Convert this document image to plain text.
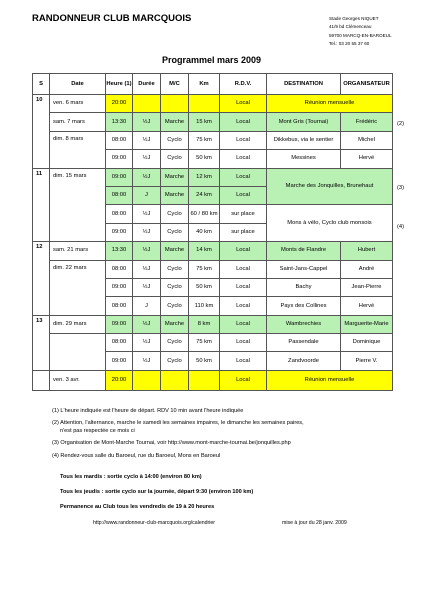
RANDONNEUR CLUB MARCQUOIS	Stade Georges NIQUET
41/9 bd Clémenceau
59700 MARCQ-EN-BAROEUL
Tel.: 03 20 55 37 60
Programmel mars 2009
S	Date	Heure (1)	Durée	M/C	Km	R.D.V.	DESTINATION	ORGANISATEUR
10	ven. 6 mars	20:00				Local	Réunion mensuelle	
	sam. 7 mars	13:30	½J	Marche	15 km	Local	Mont Gris (Tournai)	Frédéric
	dim. 8 mars	08:00	½J	Cyclo	75 km	Local	Dikkebus, via le sentier	Michel
		09:00	½J	Cyclo	50 km	Local	Messines	Hervé
11	dim. 15 mars	09:00	½J	Marche	12 km	Local	Marche des Jonquilles, Brunehaut	
		08:00	J	Marche	24 km	Local		
		08:00	½J	Cyclo	60 / 80 km	sur place	Mons à vélo, Cyclo club monsois	
		09:00	½J	Cyclo	40 km	sur place		
12	sam. 21 mars	13:30	½J	Marche	14 km	Local	Monts de Flandre	Hubert
	dim. 22 mars	08:00	½J	Cyclo	75 km	Local	Saint-Jans-Cappel	André
		09:00	½J	Cyclo	50 km	Local	Bachy	Jean-Pierre
		08:00	J	Cyclo	110 km	Local	Pays des Collines	Hervé
13	dim. 29 mars	09:00	½J	Marche	8 km	Local	Wambrechies	Marguerite-Marie
		08:00	½J	Cyclo	75 km	Local	Passendale	Dominique
		09:00	½J	Cyclo	50 km	Local	Zandvoorde	Pierre V.
	ven. 3 avr.	20:00				Local	Réunion mensuelle	
(2)
(3)
(4)

(1) L'heure indiquée est l'heure de départ. RDV 10 min avant l'heure indiquée

(2) Attention, l'alternance, marche le samedi les semaines impaires, le dimanche les semaines paires,

n'est pas respectée ce mois ci

(3) Organisation de Mont-Marche Tournai, voir http://www.mont-marche-tournai.be/jonquilles.php

(4) Rendez-vous salle du Baroeul, rue du Baroeul, Mons en Baroeul

Tous les mardis : sortie cyclo à 14:00 (environ 80 km)
Tous les jeudis : sortie cyclo sur la journée, départ 9:30 (environ 100 km)
Permanence au Club tous les vendredis de 19 à 20 heures
http://www.randonneur-club-marcquois.org/calendrier	mise à jour du 28 janv. 2009
